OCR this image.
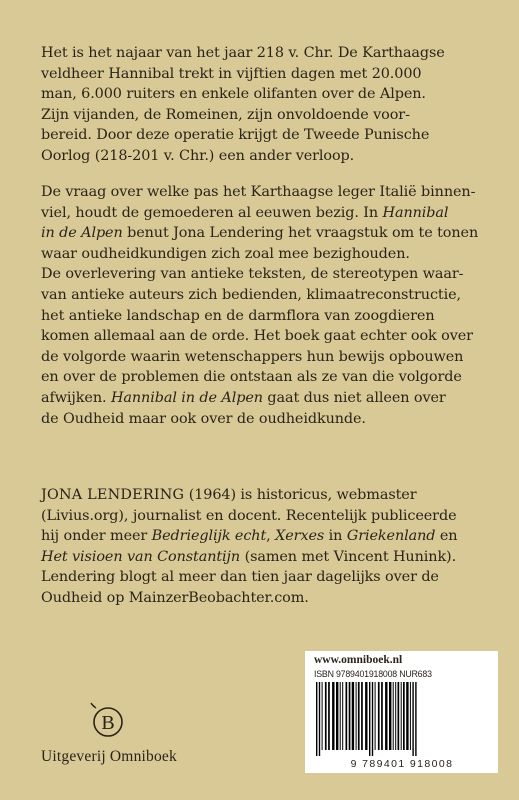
Het is het najaar van het jaar 218 v. Chr. De Karthaagse
veldheer Hannibal trekt in vijftien dagen met 20.000
man, 6.000 ruiters en enkele olifanten over de Alpen.
Zijn vijanden, de Romeinen, zijn onvoldoende voor-
bereid. Door deze operatie krijgt de Tweede Punische
Oorlog (218-201 v. Chr.) een ander verloop.
De vraag over welke pas het Karthaagse leger Italië binnen-
viel, houdt de gemoederen al eeuwen bezig. In Hannibal
in de Alpen benut Jona Lendering het vraagstuk om te tonen
waar oudheidkundigen zich zoal mee bezighouden.
De overlevering van antieke teksten, de stereotypen waar-
van antieke auteurs zich bedienden, klimaatreconstructie,
het antieke landschap en de darmflora van zoogdieren
komen allemaal aan de orde. Het boek gaat echter ook over
de volgorde waarin wetenschappers hun bewijs opbouwen
en over de problemen die ontstaan als ze van die volgorde
afwijken. Hannibal in de Alpen gaat dus niet alleen over
de Oudheid maar ook over de oudheidkunde.
JONA LENDERING (1964) is historicus, webmaster
(Livius.org), journalist en docent. Recentelijk publiceerde
hij onder meer Bedrieglijk echt, Xerxes in Griekenland en
Het visioen van Constantijn (samen met Vincent Hunink).
Lendering blogt al meer dan tien jaar dagelijks over de
Oudheid op MainzerBeobachter.com.
www.omniboek.nl
ISBN 9789401918008 NUR683
9 789401 918008
B
Uitgeverij Omniboek
